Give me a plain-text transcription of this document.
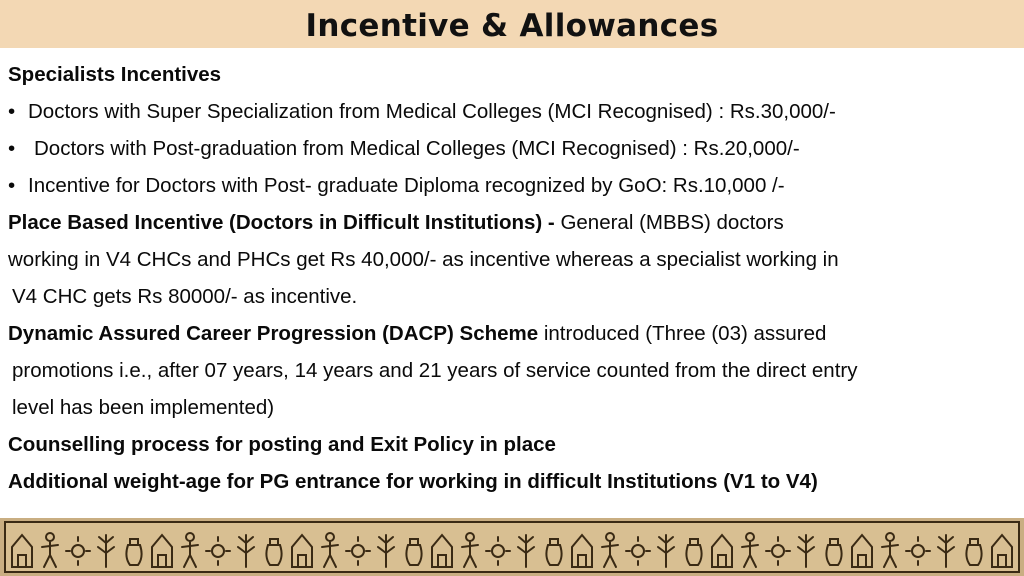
Incentive & Allowances
Specialists Incentives
• Doctors with Super Specialization from Medical Colleges (MCI Recognised) : Rs.30,000/-
• Doctors with Post-graduation from Medical Colleges (MCI Recognised) : Rs.20,000/-
• Incentive for Doctors with Post- graduate Diploma recognized by GoO: Rs.10,000 /-
Place Based Incentive (Doctors in Difficult Institutions) - General (MBBS) doctors
working in V4 CHCs and PHCs get Rs 40,000/- as incentive whereas a specialist working in
V4 CHC gets Rs 80000/- as incentive.
Dynamic Assured Career Progression (DACP) Scheme introduced (Three (03) assured
promotions i.e., after 07 years, 14 years and 21 years of service counted from the direct entry
level has been implemented)
Counselling process for posting and Exit Policy in place
Additional weight-age for PG entrance for working in difficult Institutions (V1 to V4)
